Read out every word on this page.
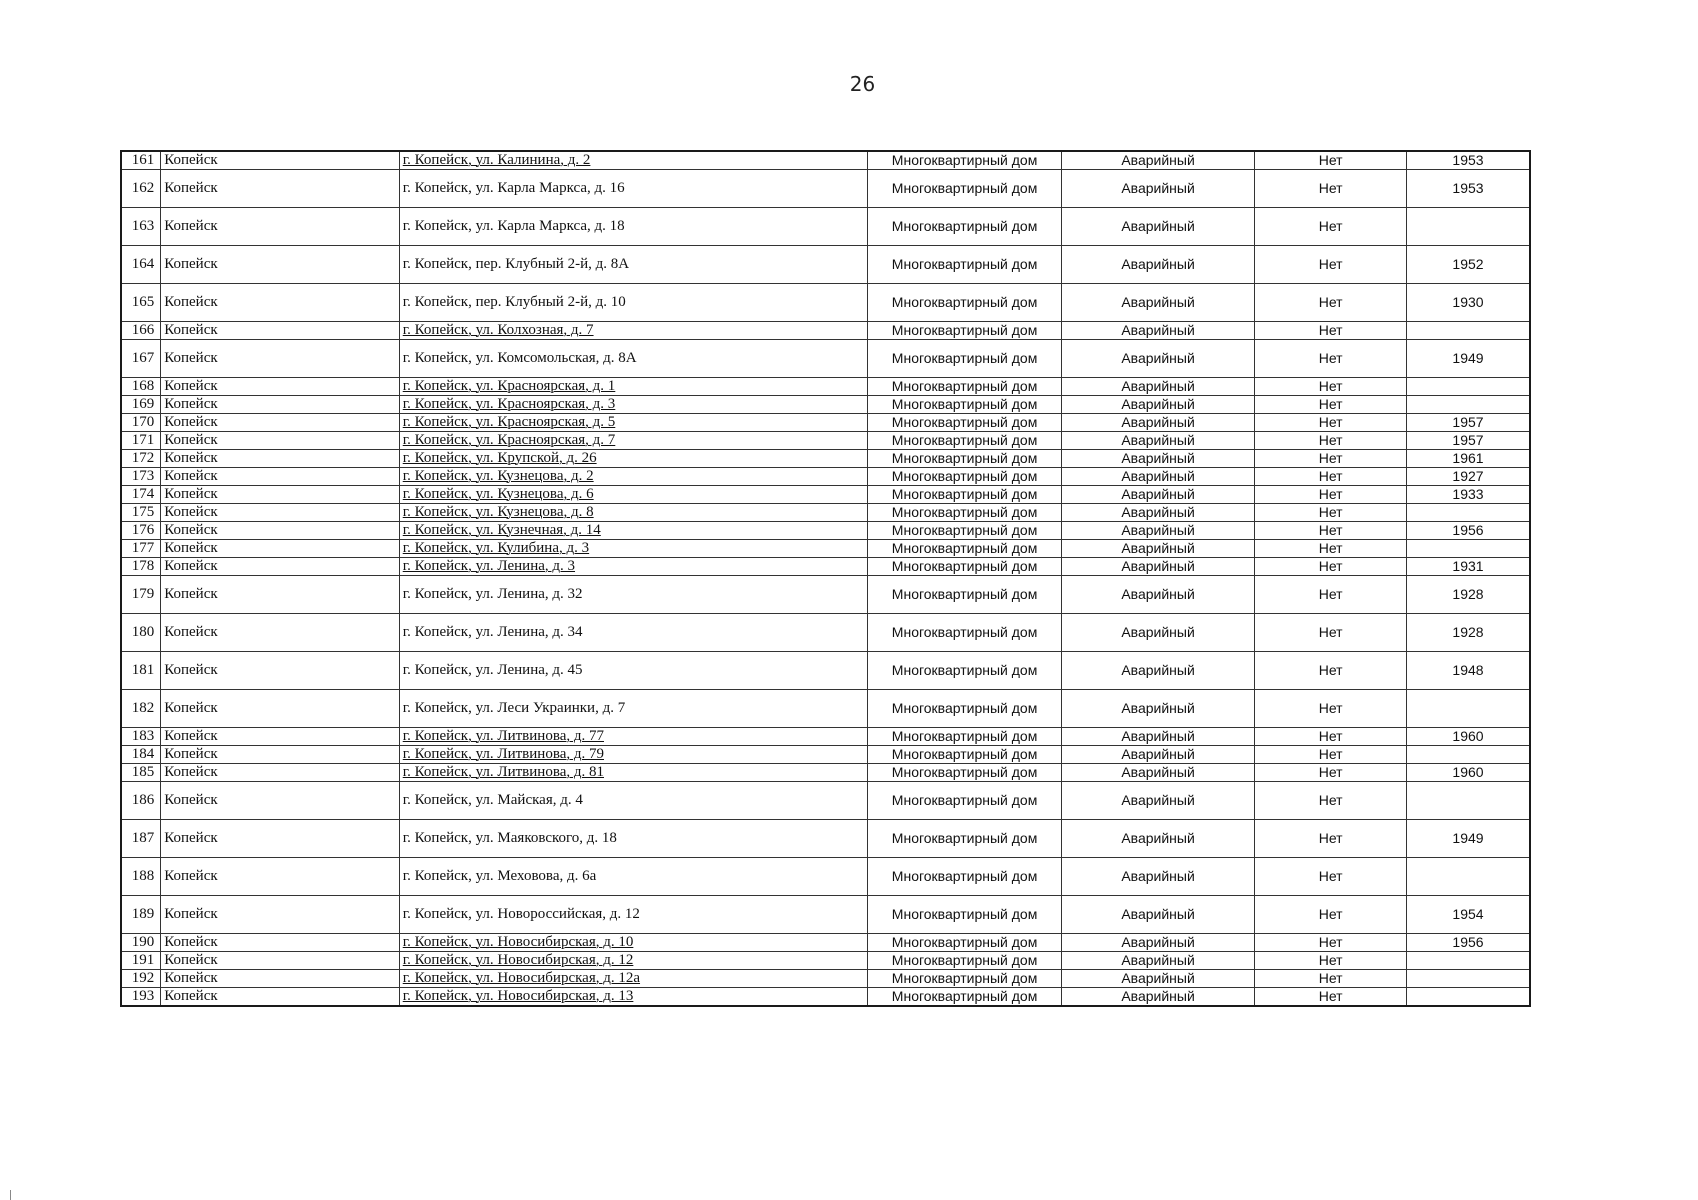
26
161	Копейск	г. Копейск, ул. Калинина, д. 2	Многоквартирный дом	Аварийный	Нет	1953
162	Копейск	г. Копейск, ул. Карла Маркса, д. 16	Многоквартирный дом	Аварийный	Нет	1953
163	Копейск	г. Копейск, ул. Карла Маркса, д. 18	Многоквартирный дом	Аварийный	Нет	
164	Копейск	г. Копейск, пер. Клубный 2-й, д. 8А	Многоквартирный дом	Аварийный	Нет	1952
165	Копейск	г. Копейск, пер. Клубный 2-й, д. 10	Многоквартирный дом	Аварийный	Нет	1930
166	Копейск	г. Копейск, ул. Колхозная, д. 7	Многоквартирный дом	Аварийный	Нет	
167	Копейск	г. Копейск, ул. Комсомольская, д. 8А	Многоквартирный дом	Аварийный	Нет	1949
168	Копейск	г. Копейск, ул. Красноярская, д. 1	Многоквартирный дом	Аварийный	Нет	
169	Копейск	г. Копейск, ул. Красноярская, д. 3	Многоквартирный дом	Аварийный	Нет	
170	Копейск	г. Копейск, ул. Красноярская, д. 5	Многоквартирный дом	Аварийный	Нет	1957
171	Копейск	г. Копейск, ул. Красноярская, д. 7	Многоквартирный дом	Аварийный	Нет	1957
172	Копейск	г. Копейск, ул. Крупской, д. 26	Многоквартирный дом	Аварийный	Нет	1961
173	Копейск	г. Копейск, ул. Кузнецова, д. 2	Многоквартирный дом	Аварийный	Нет	1927
174	Копейск	г. Копейск, ул. Кузнецова, д. 6	Многоквартирный дом	Аварийный	Нет	1933
175	Копейск	г. Копейск, ул. Кузнецова, д. 8	Многоквартирный дом	Аварийный	Нет	
176	Копейск	г. Копейск, ул. Кузнечная, д. 14	Многоквартирный дом	Аварийный	Нет	1956
177	Копейск	г. Копейск, ул. Кулибина, д. 3	Многоквартирный дом	Аварийный	Нет	
178	Копейск	г. Копейск, ул. Ленина, д. 3	Многоквартирный дом	Аварийный	Нет	1931
179	Копейск	г. Копейск, ул. Ленина, д. 32	Многоквартирный дом	Аварийный	Нет	1928
180	Копейск	г. Копейск, ул. Ленина, д. 34	Многоквартирный дом	Аварийный	Нет	1928
181	Копейск	г. Копейск, ул. Ленина, д. 45	Многоквартирный дом	Аварийный	Нет	1948
182	Копейск	г. Копейск, ул. Леси Украинки, д. 7	Многоквартирный дом	Аварийный	Нет	
183	Копейск	г. Копейск, ул. Литвинова, д. 77	Многоквартирный дом	Аварийный	Нет	1960
184	Копейск	г. Копейск, ул. Литвинова, д. 79	Многоквартирный дом	Аварийный	Нет	
185	Копейск	г. Копейск, ул. Литвинова, д. 81	Многоквартирный дом	Аварийный	Нет	1960
186	Копейск	г. Копейск, ул. Майская, д. 4	Многоквартирный дом	Аварийный	Нет	
187	Копейск	г. Копейск, ул. Маяковского, д. 18	Многоквартирный дом	Аварийный	Нет	1949
188	Копейск	г. Копейск, ул. Меховова, д. 6а	Многоквартирный дом	Аварийный	Нет	
189	Копейск	г. Копейск, ул. Новороссийская, д. 12	Многоквартирный дом	Аварийный	Нет	1954
190	Копейск	г. Копейск, ул. Новосибирская, д. 10	Многоквартирный дом	Аварийный	Нет	1956
191	Копейск	г. Копейск, ул. Новосибирская, д. 12	Многоквартирный дом	Аварийный	Нет	
192	Копейск	г. Копейск, ул. Новосибирская, д. 12а	Многоквартирный дом	Аварийный	Нет	
193	Копейск	г. Копейск, ул. Новосибирская, д. 13	Многоквартирный дом	Аварийный	Нет	
